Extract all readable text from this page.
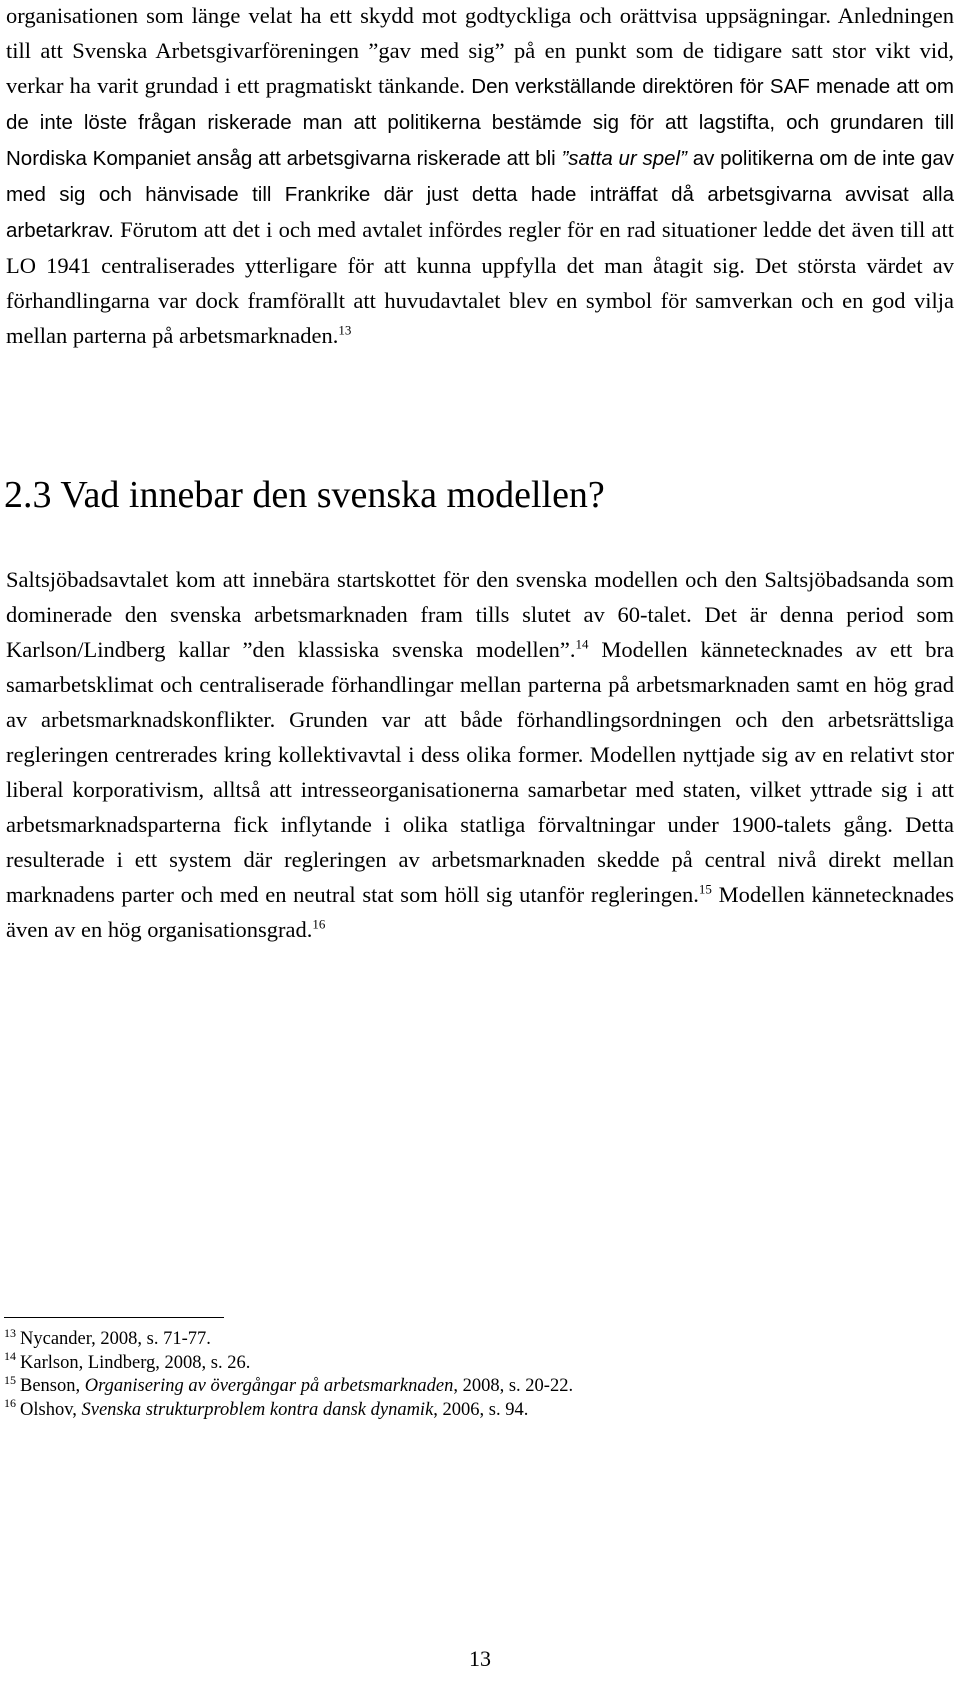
organisationen som länge velat ha ett skydd mot godtyckliga och orättvisa uppsägningar. Anledningen till att Svenska Arbetsgivarföreningen ”gav med sig” på en punkt som de tidigare satt stor vikt vid, verkar ha varit grundad i ett pragmatiskt tänkande. Den verkställande direktören för SAF menade att om de inte löste frågan riskerade man att politikerna bestämde sig för att lagstifta, och grundaren till Nordiska Kompaniet ansåg att arbetsgivarna riskerade att bli ”satta ur spel” av politikerna om de inte gav med sig och hänvisade till Frankrike där just detta hade inträffat då arbetsgivarna avvisat alla arbetarkrav. Förutom att det i och med avtalet infördes regler för en rad situationer ledde det även till att LO 1941 centraliserades ytterligare för att kunna uppfylla det man åtagit sig. Det största värdet av förhandlingarna var dock framförallt att huvudavtalet blev en symbol för samverkan och en god vilja mellan parterna på arbetsmarknaden.$^{13}$

2.3 Vad innebar den svenska modellen?

Saltsjöbadsavtalet kom att innebära startskottet för den svenska modellen och den Saltsjöbadsanda som dominerade den svenska arbetsmarknaden fram tills slutet av 60-talet. Det är denna period som Karlson/Lindberg kallar ”den klassiska svenska modellen”.$^{14}$ Modellen kännetecknades av ett bra samarbetsklimat och centraliserade förhandlingar mellan parterna på arbetsmarknaden samt en hög grad av arbetsmarknadskonflikter. Grunden var att både förhandlingsordningen och den arbetsrättsliga regleringen centrerades kring kollektivavtal i dess olika former. Modellen nyttjade sig av en relativt stor liberal korporativism, alltså att intresseorganisationerna samarbetar med staten, vilket yttrade sig i att arbetsmarknadsparterna fick inflytande i olika statliga förvaltningar under 1900-talets gång. Detta resulterade i ett system där regleringen av arbetsmarknaden skedde på central nivå direkt mellan marknadens parter och med en neutral stat som höll sig utanför regleringen.$^{15}$ Modellen kännetecknades även av en hög organisationsgrad.$^{16}$

$^{13}$ Nycander, 2008, s. 71-77.
$^{14}$ Karlson, Lindberg, 2008, s. 26.
$^{15}$ Benson, Organisering av övergångar på arbetsmarknaden, 2008, s. 20-22.
$^{16}$ Olshov, Svenska strukturproblem kontra dansk dynamik, 2006, s. 94.
13
